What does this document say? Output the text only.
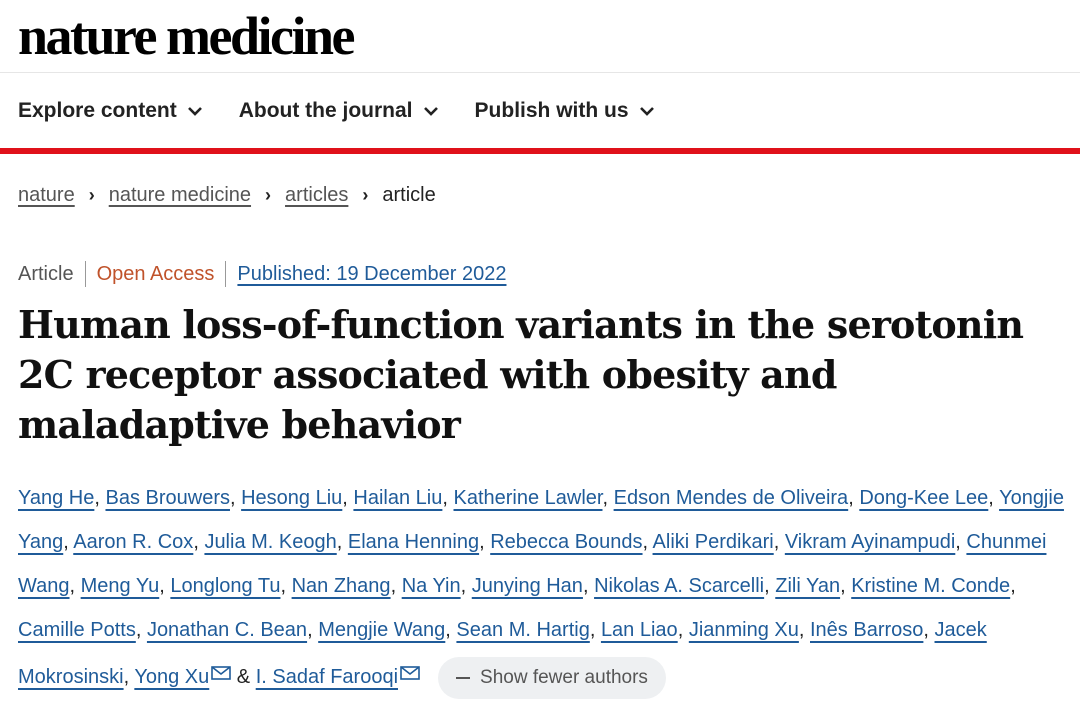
nature medicine
Explore content	About the journal	Publish with us
nature › nature medicine › articles › article
Article Open Access Published: 19 December 2022
Human loss-of-function variants in the serotonin 2C receptor associated with obesity and maladaptive behavior
Yang He, Bas Brouwers, Hesong Liu, Hailan Liu, Katherine Lawler, Edson Mendes de Oliveira, Dong-Kee Lee, Yongjie Yang, Aaron R. Cox, Julia M. Keogh, Elana Henning, Rebecca Bounds, Aliki Perdikari, Vikram Ayinampudi, Chunmei Wang, Meng Yu, Longlong Tu, Nan Zhang, Na Yin, Junying Han, Nikolas A. Scarcelli, Zili Yan, Kristine M. Conde, Camille Potts, Jonathan C. Bean, Mengjie Wang, Sean M. Hartig, Lan Liao, Jianming Xu, Inês Barroso, Jacek Mokrosinski, Yong Xu & I. Sadaf Farooqi	Show fewer authors
